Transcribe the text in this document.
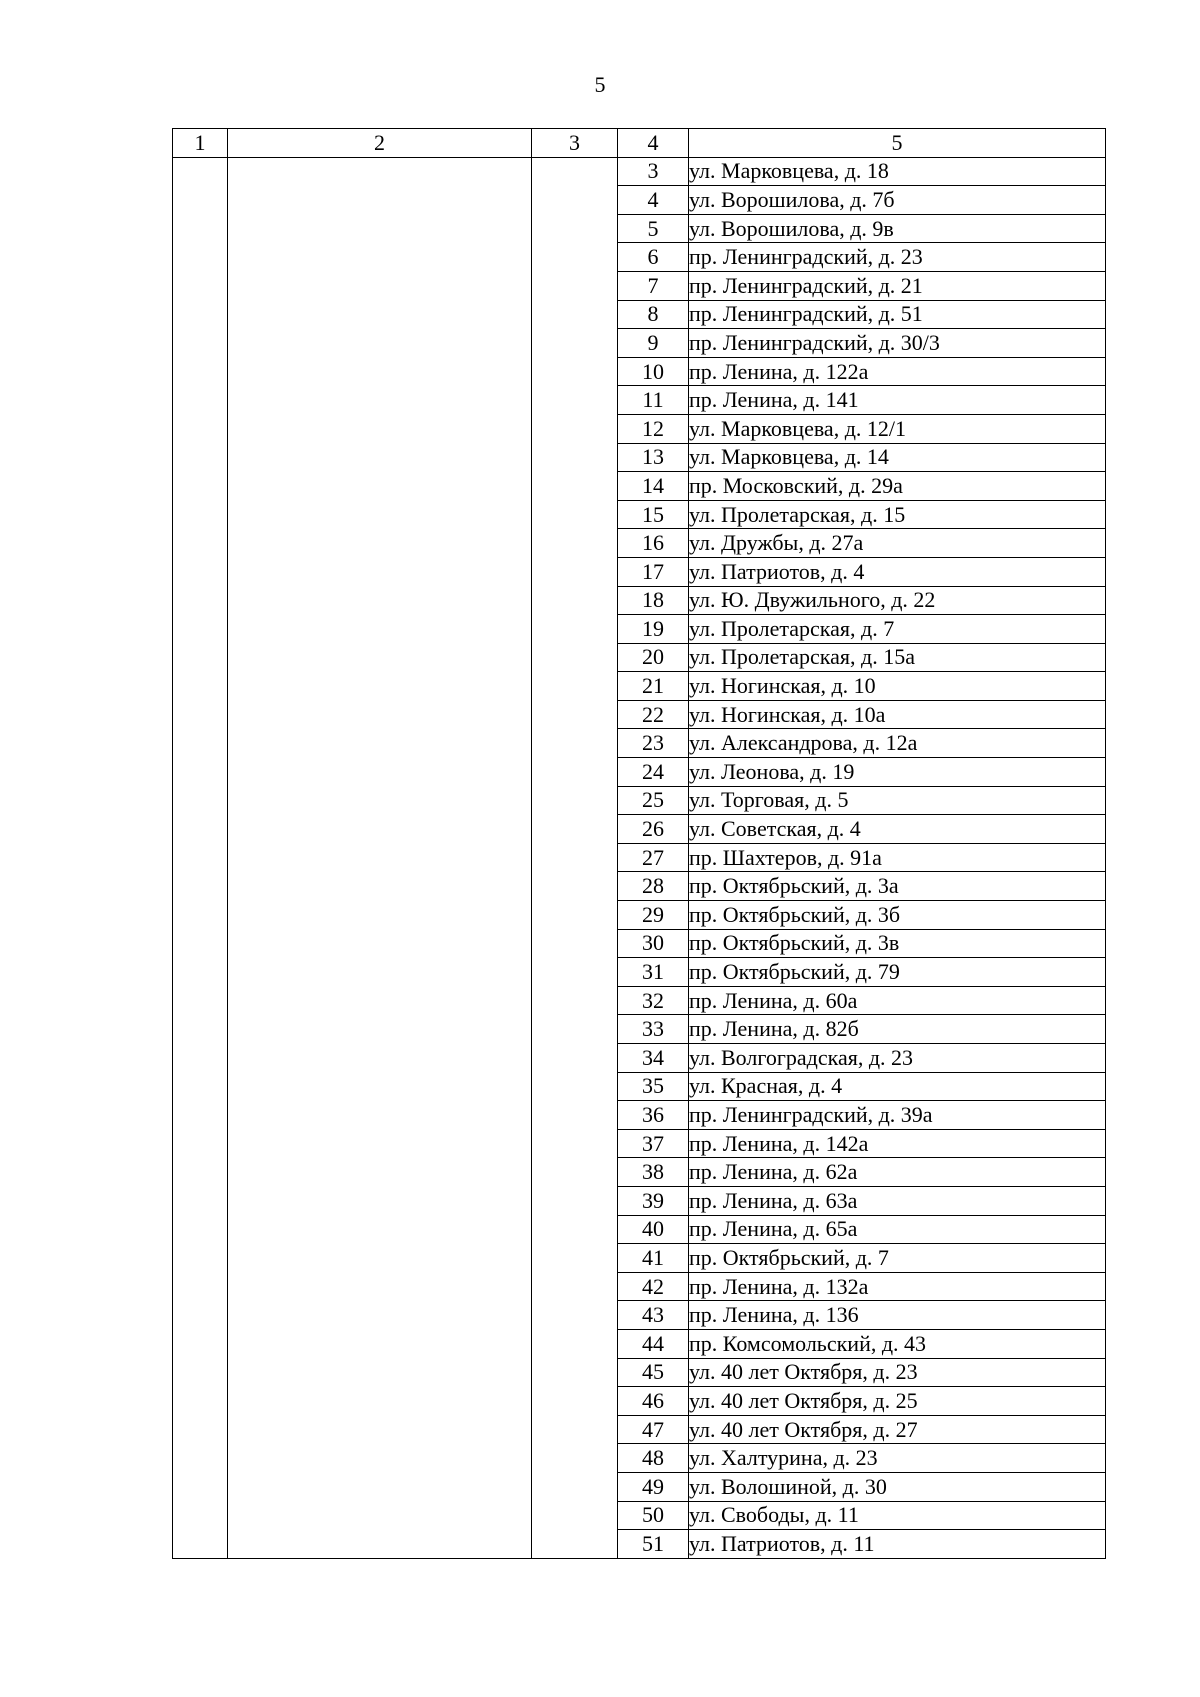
5
1	2	3	4	5
			3	ул. Марковцева, д. 18
			4	ул. Ворошилова, д. 7б
			5	ул. Ворошилова, д. 9в
			6	пр. Ленинградский, д. 23
			7	пр. Ленинградский, д. 21
			8	пр. Ленинградский, д. 51
			9	пр. Ленинградский, д. 30/3
			10	пр. Ленина, д. 122а
			11	пр. Ленина, д. 141
			12	ул. Марковцева, д. 12/1
			13	ул. Марковцева, д. 14
			14	пр. Московский, д. 29а
			15	ул. Пролетарская, д. 15
			16	ул. Дружбы, д. 27а
			17	ул. Патриотов, д. 4
			18	ул. Ю. Двужильного, д. 22
			19	ул. Пролетарская, д. 7
			20	ул. Пролетарская, д. 15а
			21	ул. Ногинская, д. 10
			22	ул. Ногинская, д. 10а
			23	ул. Александрова, д. 12а
			24	ул. Леонова, д. 19
			25	ул. Торговая, д. 5
			26	ул. Советская, д. 4
			27	пр. Шахтеров, д. 91а
			28	пр. Октябрьский, д. 3а
			29	пр. Октябрьский, д. 3б
			30	пр. Октябрьский, д. 3в
			31	пр. Октябрьский, д. 79
			32	пр. Ленина, д. 60а
			33	пр. Ленина, д. 82б
			34	ул. Волгоградская, д. 23
			35	ул. Красная, д. 4
			36	пр. Ленинградский, д. 39а
			37	пр. Ленина, д. 142а
			38	пр. Ленина, д. 62а
			39	пр. Ленина, д. 63а
			40	пр. Ленина, д. 65а
			41	пр. Октябрьский, д. 7
			42	пр. Ленина, д. 132а
			43	пр. Ленина, д. 136
			44	пр. Комсомольский, д. 43
			45	ул. 40 лет Октября, д. 23
			46	ул. 40 лет Октября, д. 25
			47	ул. 40 лет Октября, д. 27
			48	ул. Халтурина, д. 23
			49	ул. Волошиной, д. 30
			50	ул. Свободы, д. 11
			51	ул. Патриотов, д. 11
